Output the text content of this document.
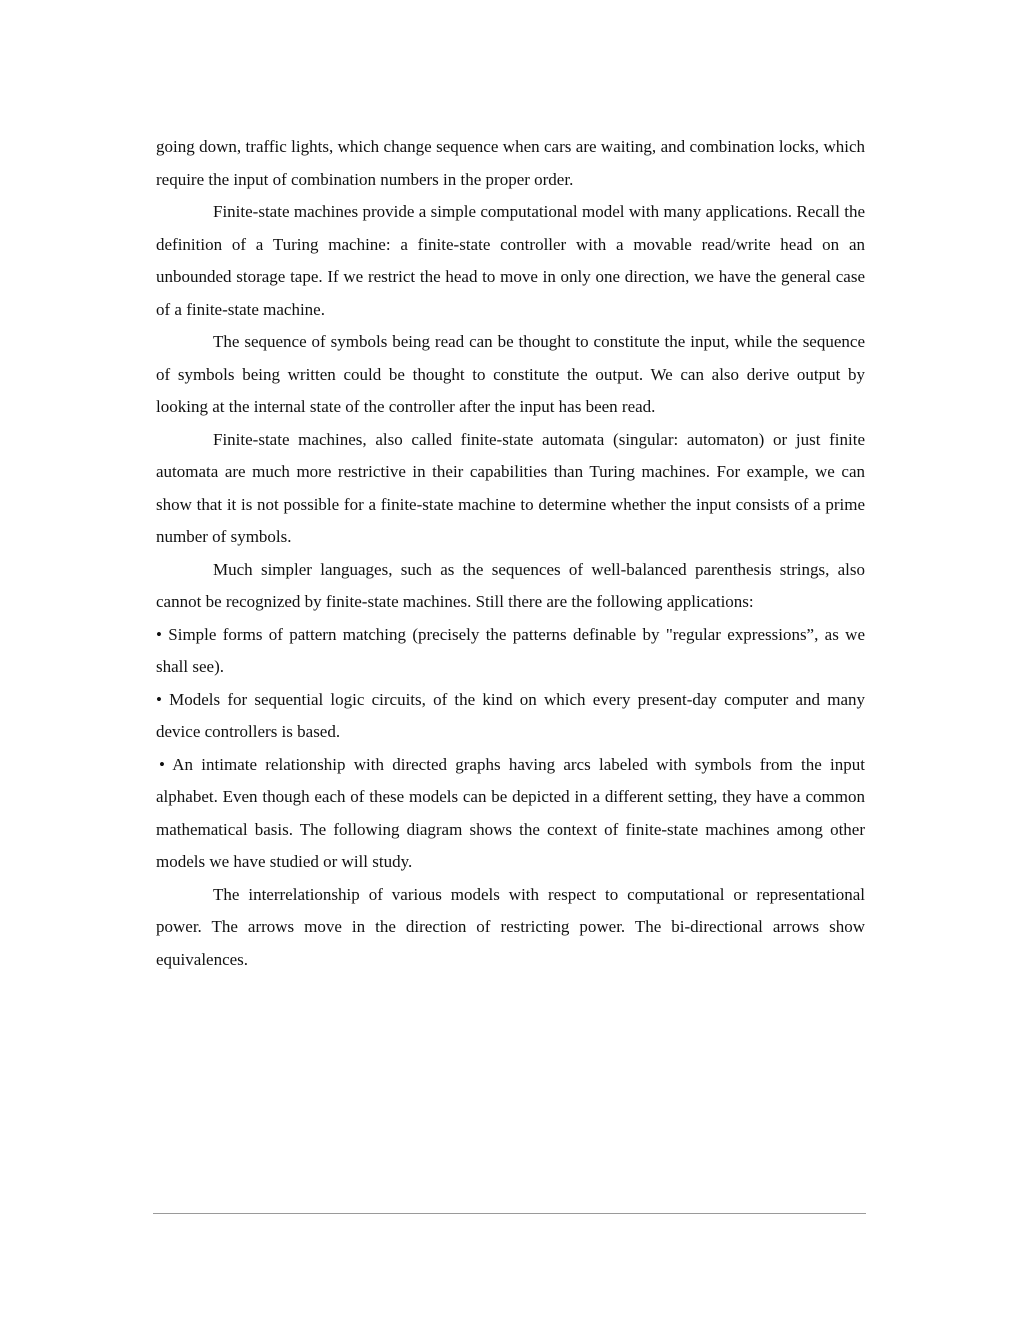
going down, traffic lights, which change sequence when cars are waiting, and combination locks, which require the input of combination numbers in the proper order.

Finite-state machines provide a simple computational model with many applications. Recall the definition of a Turing machine: a finite-state controller with a movable read/write head on an unbounded storage tape. If we restrict the head to move in only one direction, we have the general case of a finite-state machine.

The sequence of symbols being read can be thought to constitute the input, while the sequence of symbols being written could be thought to constitute the output. We can also derive output by looking at the internal state of the controller after the input has been read.

Finite-state machines, also called finite-state automata (singular: automaton) or just finite automata are much more restrictive in their capabilities than Turing machines. For example, we can show that it is not possible for a finite-state machine to determine whether the input consists of a prime number of symbols.

Much simpler languages, such as the sequences of well-balanced parenthesis strings, also cannot be recognized by finite-state machines. Still there are the following applications:

• Simple forms of pattern matching (precisely the patterns definable by "regular expressions”, as we shall see).

• Models for sequential logic circuits, of the kind on which every present-day computer and many device controllers is based.

• An intimate relationship with directed graphs having arcs labeled with symbols from the input alphabet. Even though each of these models can be depicted in a different setting, they have a common mathematical basis. The following diagram shows the context of finite-state machines among other models we have studied or will study.

The interrelationship of various models with respect to computational or representational power. The arrows move in the direction of restricting power. The bi-directional arrows show equivalences.
